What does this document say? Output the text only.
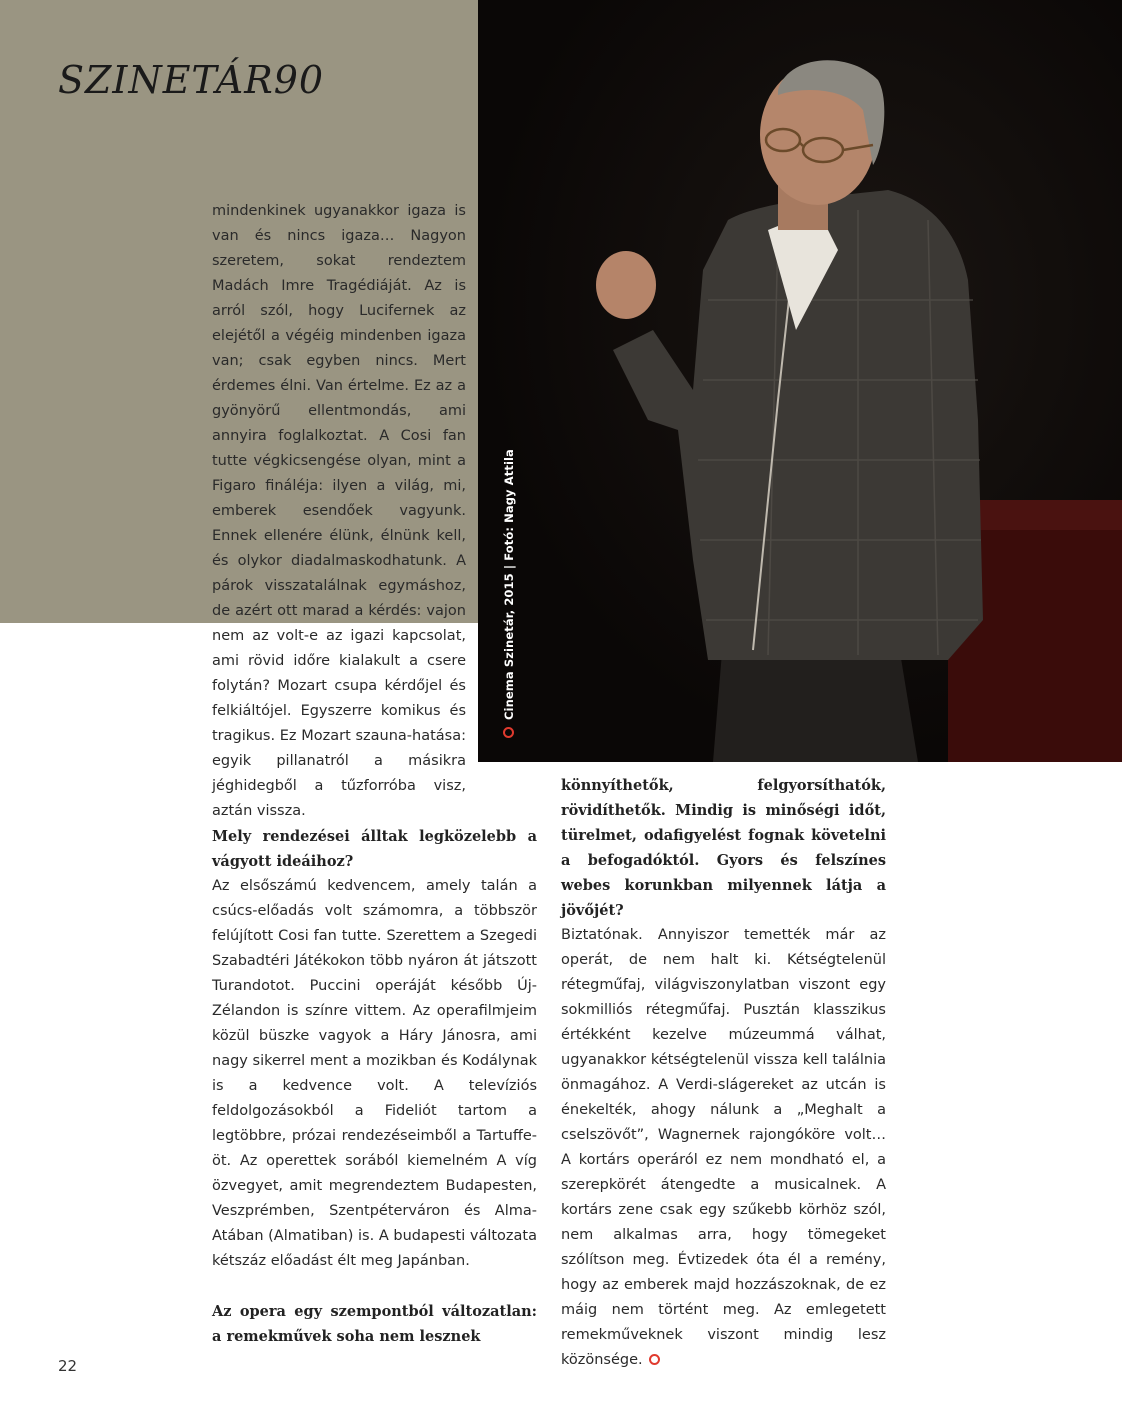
SZINETÁR90
Cinema Szinetár, 2015 | Fotó: Nagy Attila

mindenkinek ugyanakkor igaza is van és nincs igaza… Nagyon szeretem, sokat rendeztem Madách Imre Tragédiáját. Az is arról szól, hogy Lucifernek az elejétől a végéig mindenben igaza van; csak egyben nincs. Mert érdemes élni. Van értelme. Ez az a gyönyörű ellentmondás, ami annyira foglalkoztat. A Cosi fan tutte végkicsengése olyan, mint a Figaro fináléja: ilyen a világ, mi, emberek esendőek vagyunk. Ennek ellenére élünk, élnünk kell, és olykor diadalmaskodhatunk. A párok visszatalálnak egymáshoz, de azért ott marad a kérdés: vajon nem az volt-e az igazi kapcsolat, ami rövid időre kialakult a csere folytán? Mozart csupa kérdőjel és felkiáltójel. Egyszerre komikus és tragikus. Ez Mozart szauna-hatása: egyik pillanatról a másikra jéghidegből a tűzforróba visz, aztán vissza.

Mely rendezései álltak legközelebb a vágyott ideáihoz?

Az elsőszámú kedvencem, amely talán a csúcs-előadás volt számomra, a többször felújított Cosi fan tutte. Szerettem a Szegedi Szabadtéri Játékokon több nyáron át játszott Turandotot. Puccini operáját később Új-Zélandon is színre vittem. Az operafilmjeim közül büszke vagyok a Háry Jánosra, ami nagy sikerrel ment a mozikban és Kodálynak is a kedvence volt. A televíziós feldolgozásokból a Fideliót tartom a legtöbbre, prózai rendezéseimből a Tartuffe-öt. Az operettek sorából kiemelném A víg özvegyet, amit megrendeztem Budapesten, Veszprémben, Szentpéterváron és Alma-Atában (Almatiban) is. A budapesti változata kétszáz előadást élt meg Japánban.

Az opera egy szempontból változatlan: a remekművek soha nem lesznek

könnyíthetők, felgyorsíthatók, rövidíthetők. Mindig is minőségi időt, türelmet, odafigyelést fognak követelni a befogadóktól. Gyors és felszínes webes korunkban milyennek látja a jövőjét?

Biztatónak. Annyiszor temették már az operát, de nem halt ki. Kétségtelenül rétegműfaj, világviszonylatban viszont egy sokmilliós rétegműfaj. Pusztán klasszikus értékként kezelve múzeummá válhat, ugyanakkor kétségtelenül vissza kell találnia önmagához. A Verdi-slágereket az utcán is énekelték, ahogy nálunk a „Meghalt a cselszövőt”, Wagnernek rajongóköre volt… A kortárs operáról ez nem mondható el, a szerepkörét átengedte a musicalnek. A kortárs zene csak egy szűkebb körhöz szól, nem alkalmas arra, hogy tömegeket szólítson meg. Évtizedek óta él a remény, hogy az emberek majd hozzászoknak, de ez máig nem történt meg. Az emlegetett remekműveknek viszont mindig lesz közönsége.

22
